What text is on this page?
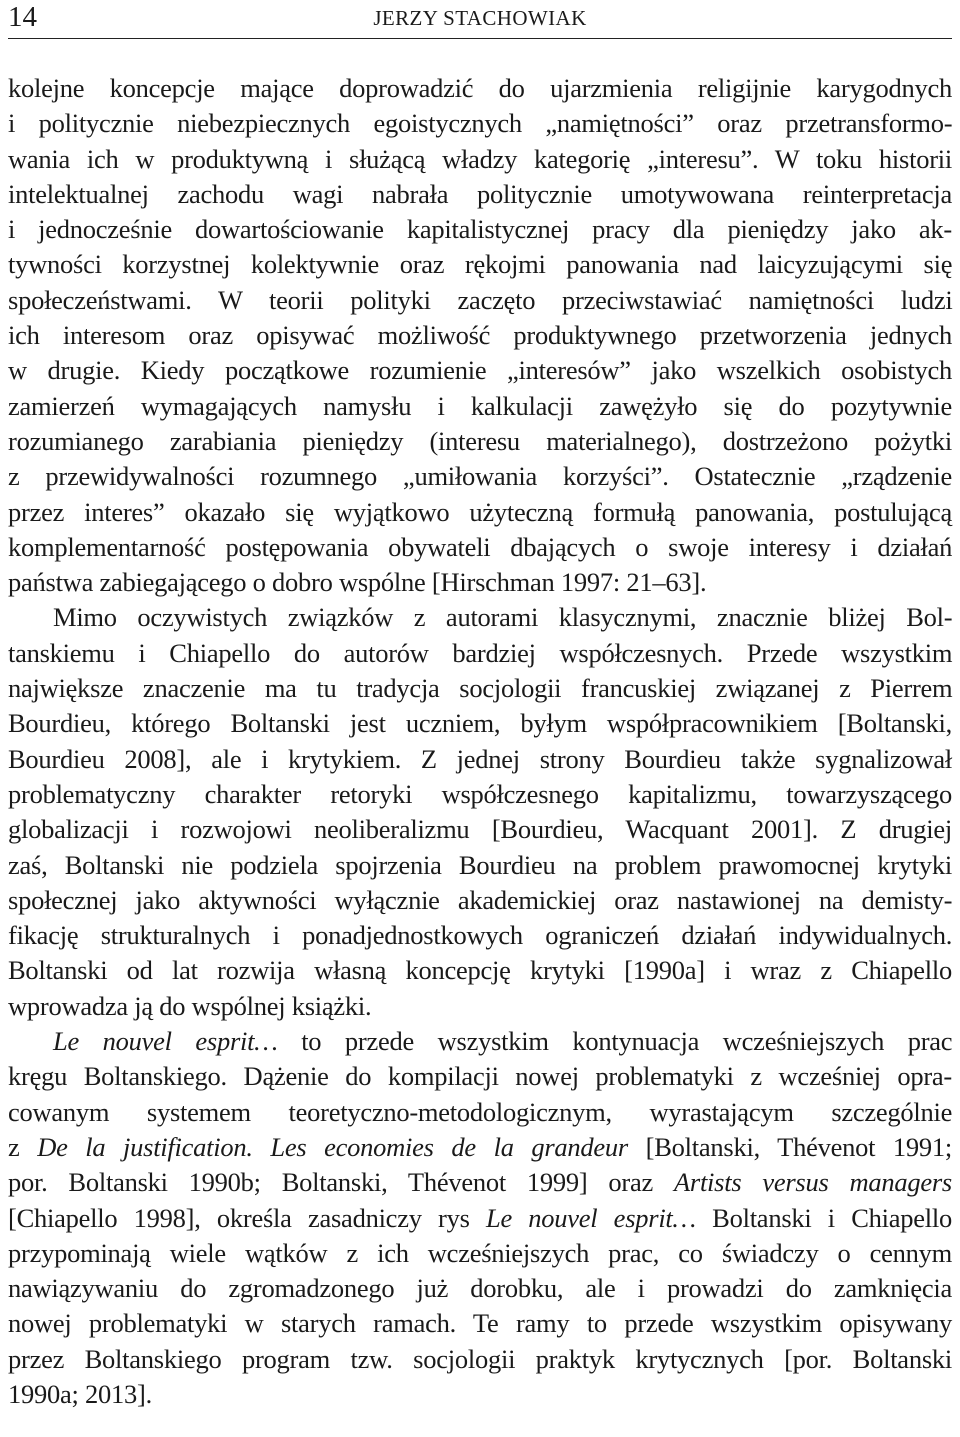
14	JERZY STACHOWIAK

kolejne koncepcje mające doprowadzić do ujarzmienia religijnie karygodnych
i politycznie niebezpiecznych egoistycznych „namiętności” oraz przetransformo-
wania ich w produktywną i służącą władzy kategorię „interesu”. W toku historii
intelektualnej zachodu wagi nabrała politycznie umotywowana reinterpretacja
i jednocześnie dowartościowanie kapitalistycznej pracy dla pieniędzy jako ak-
tywności korzystnej kolektywnie oraz rękojmi panowania nad laicyzującymi się
społeczeństwami. W teorii polityki zaczęto przeciwstawiać namiętności ludzi
ich interesom oraz opisywać możliwość produktywnego przetworzenia jednych
w drugie. Kiedy początkowe rozumienie „interesów” jako wszelkich osobistych
zamierzeń wymagających namysłu i kalkulacji zawężyło się do pozytywnie
rozumianego zarabiania pieniędzy (interesu materialnego), dostrzeżono pożytki
z przewidywalności rozumnego „umiłowania korzyści”. Ostatecznie „rządzenie
przez interes” okazało się wyjątkowo użyteczną formułą panowania, postulującą
komplementarność postępowania obywateli dbających o swoje interesy i działań
państwa zabiegającego o dobro wspólne [Hirschman 1997: 21–63].

Mimo oczywistych związków z autorami klasycznymi, znacznie bliżej Bol-
tanskiemu i Chiapello do autorów bardziej współczesnych. Przede wszystkim
największe znaczenie ma tu tradycja socjologii francuskiej związanej z Pierrem
Bourdieu, którego Boltanski jest uczniem, byłym współpracownikiem [Boltanski,
Bourdieu 2008], ale i krytykiem. Z jednej strony Bourdieu także sygnalizował
problematyczny charakter retoryki współczesnego kapitalizmu, towarzyszącego
globalizacji i rozwojowi neoliberalizmu [Bourdieu, Wacquant 2001]. Z drugiej
zaś, Boltanski nie podziela spojrzenia Bourdieu na problem prawomocnej krytyki
społecznej jako aktywności wyłącznie akademickiej oraz nastawionej na demisty-
fikację strukturalnych i ponadjednostkowych ograniczeń działań indywidualnych.
Boltanski od lat rozwija własną koncepcję krytyki [1990a] i wraz z Chiapello
wprowadza ją do wspólnej książki.

Le nouvel esprit… to przede wszystkim kontynuacja wcześniejszych prac
kręgu Boltanskiego. Dążenie do kompilacji nowej problematyki z wcześniej opra-
cowanym systemem teoretyczno-metodologicznym, wyrastającym szczególnie
z De la justification. Les economies de la grandeur [Boltanski, Thévenot 1991;
por. Boltanski 1990b; Boltanski, Thévenot 1999] oraz Artists versus managers
[Chiapello 1998], określa zasadniczy rys Le nouvel esprit… Boltanski i Chiapello
przypominają wiele wątków z ich wcześniejszych prac, co świadczy o cennym
nawiązywaniu do zgromadzonego już dorobku, ale i prowadzi do zamknięcia
nowej problematyki w starych ramach. Te ramy to przede wszystkim opisywany
przez Boltanskiego program tzw. socjologii praktyk krytycznych [por. Boltanski
1990a; 2013].
